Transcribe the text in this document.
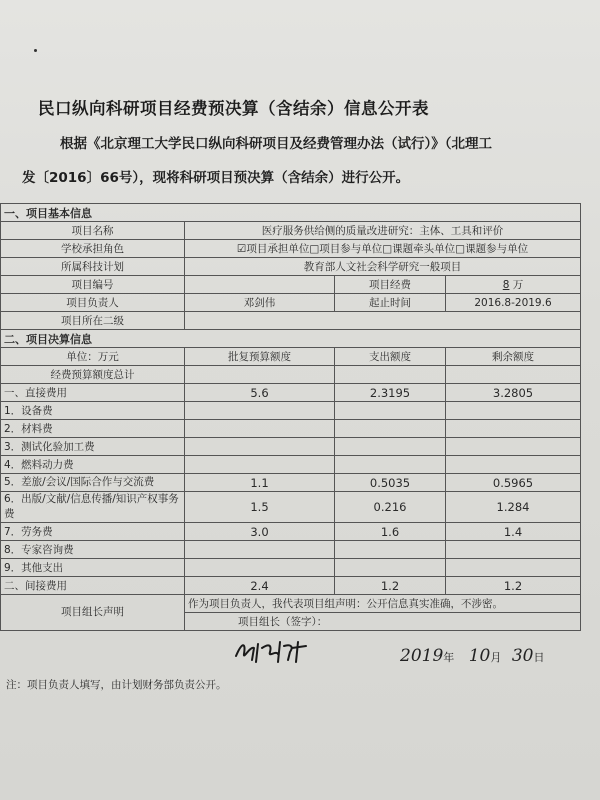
民口纵向科研项目经费预决算（含结余）信息公开表
根据《北京理工大学民口纵向科研项目及经费管理办法（试行）》（北理工
发〔2016〕66号），现将科研项目预决算（含结余）进行公开。
一、项目基本信息			
项目名称	医疗服务供给侧的质量改进研究：主体、工具和评价		
学校承担角色	☑项目承担单位□项目参与单位□课题牵头单位□课题参与单位		
所属科技计划	教育部人文社会科学研究一般项目		
项目编号		项目经费	8 万
项目负责人	邓剑伟	起止时间	2016.8-2019.6
项目所在二级			
二、项目决算信息			
单位：万元	批复预算额度	支出额度	剩余额度
经费预算额度总计			
一、直接费用	5.6	2.3195	3.2805
1．设备费			
2．材料费			
3．测试化验加工费			
4．燃料动力费			
5．差旅/会议/国际合作与交流费	1.1	0.5035	0.5965
6．出版/文献/信息传播/知识产权事务费	1.5	0.216	1.284
7．劳务费	3.0	1.6	1.4
8．专家咨询费			
9．其他支出			
二、间接费用	2.4	1.2	1.2
项目组长声明	作为项目负责人，我代表项目组声明：公开信息真实准确，不涉密。		
	项目组长（签字）：		
2019年 10月 30日
注：项目负责人填写，由计划财务部负责公开。
